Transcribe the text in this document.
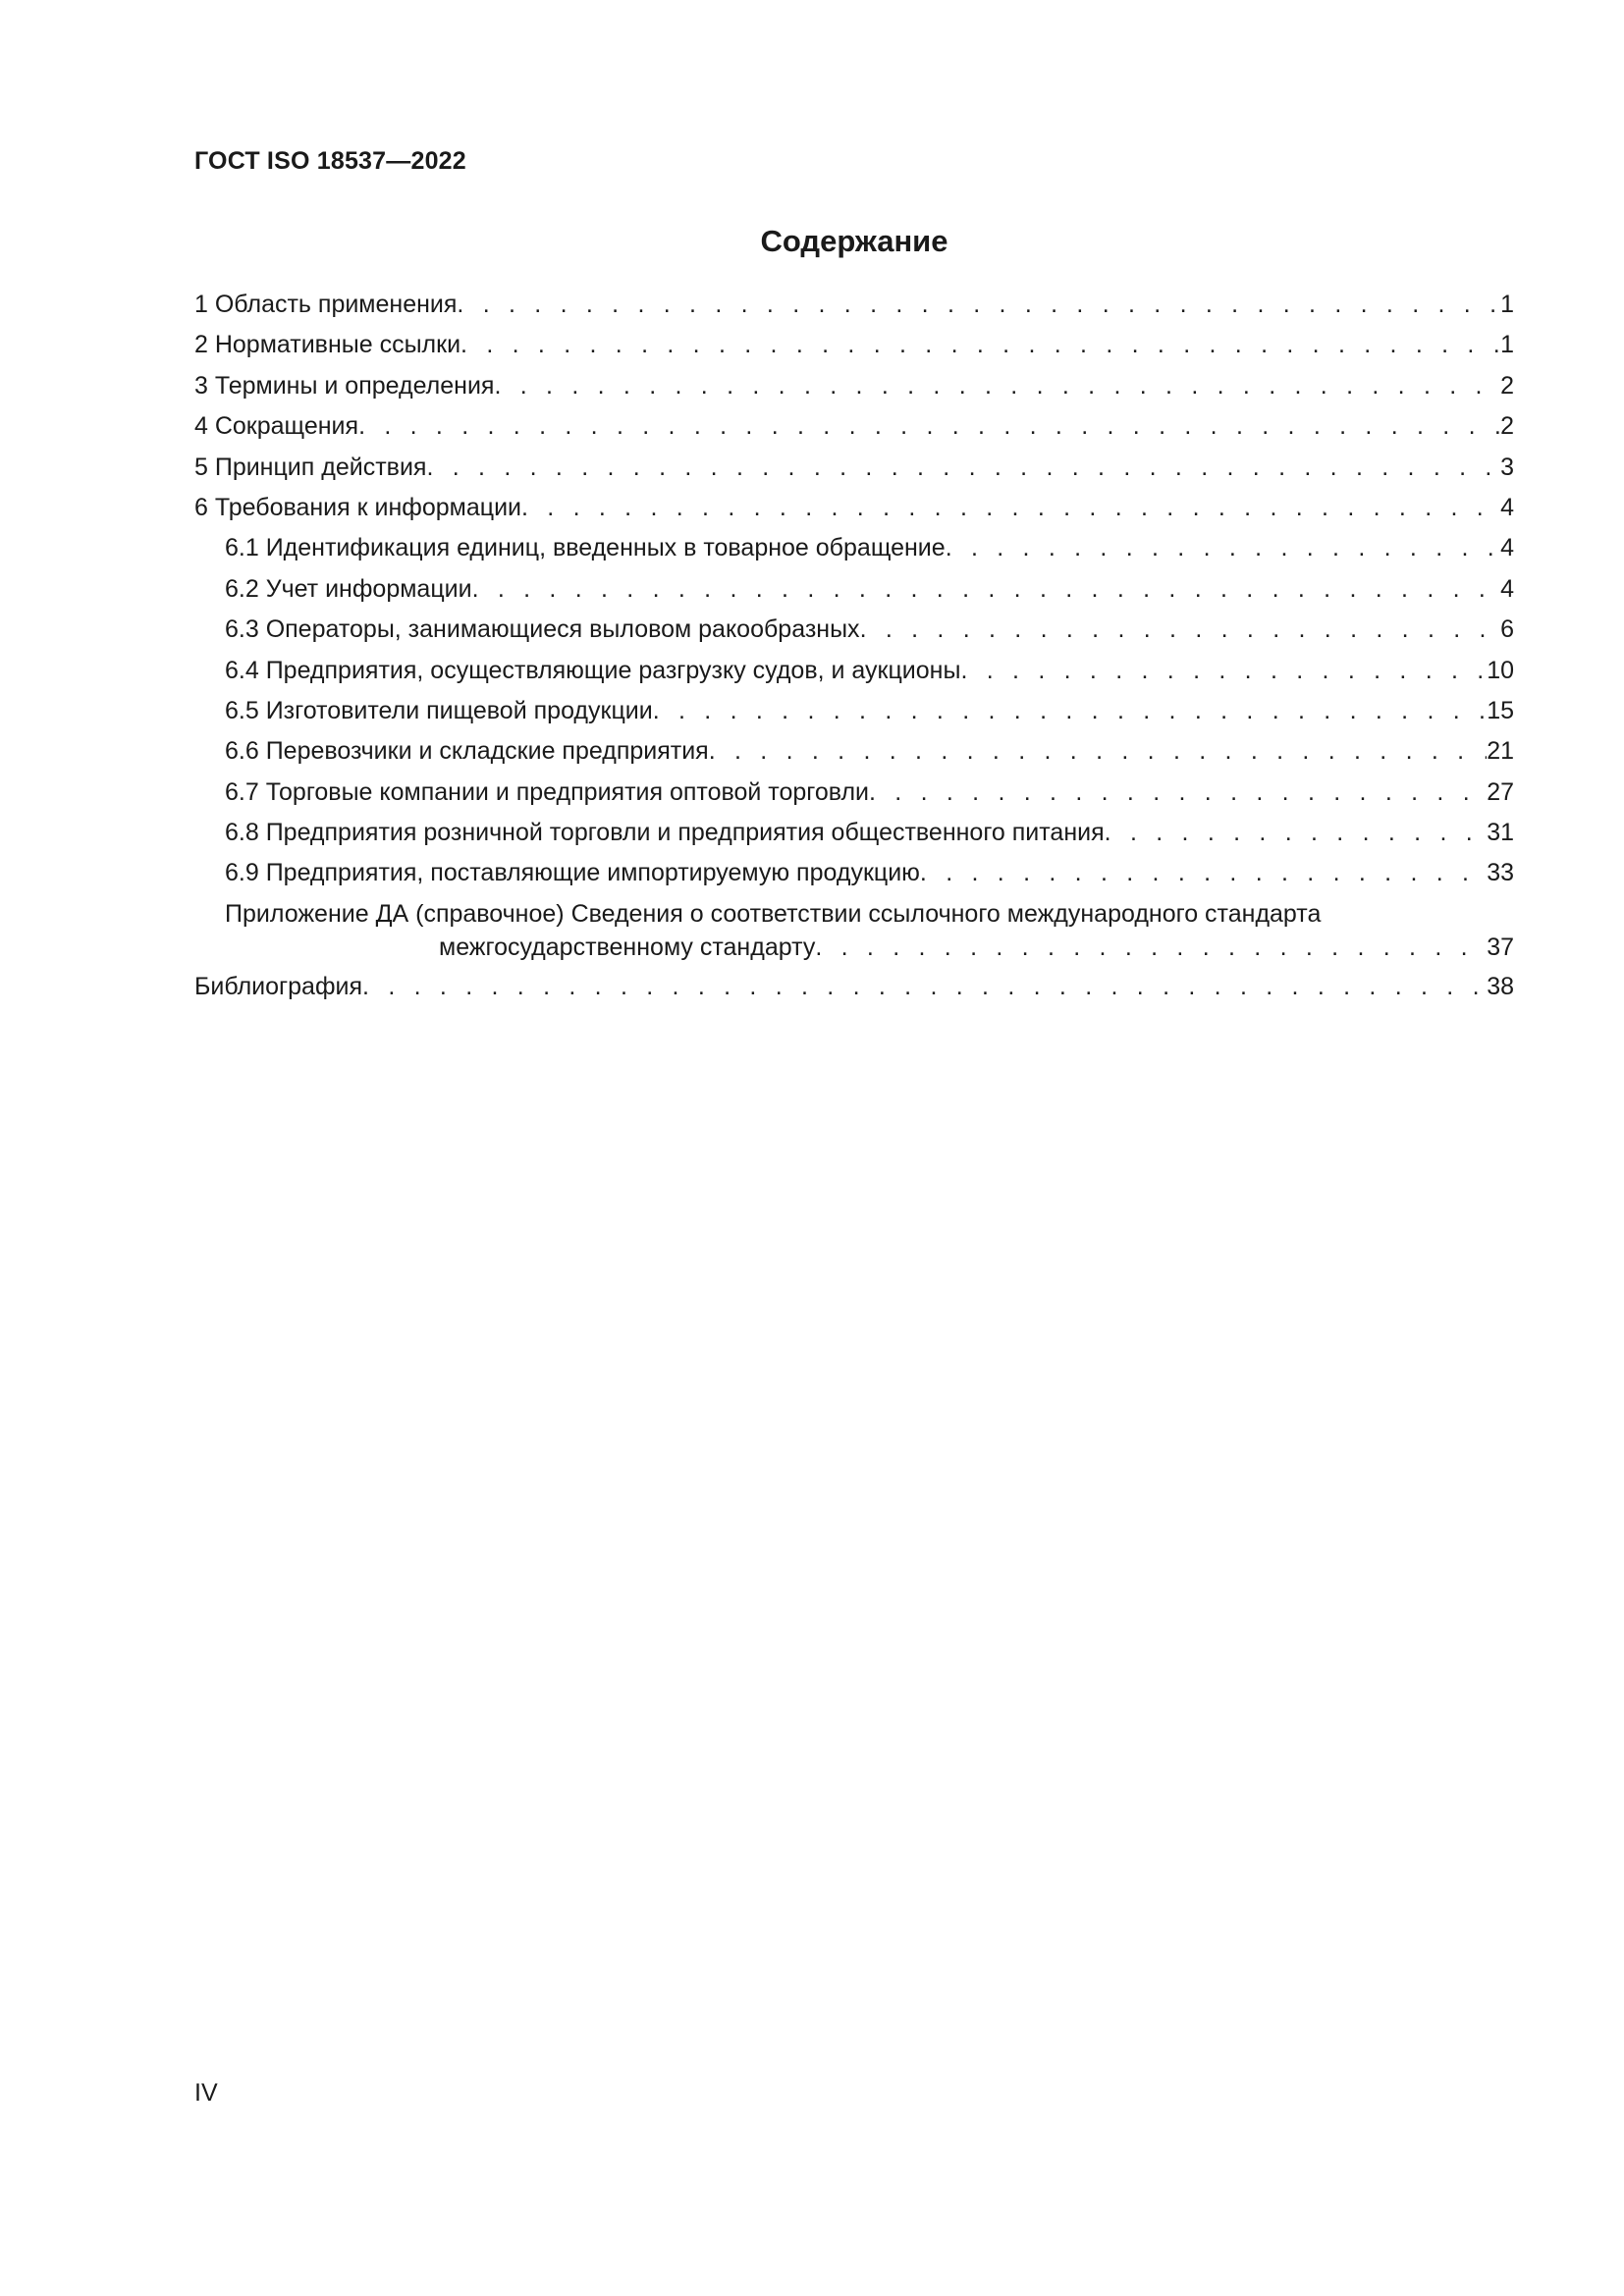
ГОСТ ISO 18537—2022
Содержание
1 Область применения . . .	1
2 Нормативные ссылки . . .	1
3 Термины и определения . . .	2
4 Сокращения . . .	2
5 Принцип действия . . .	3
6 Требования к информации . . .	4
6.1 Идентификация единиц, введенных в товарное обращение . . .	4
6.2 Учет информации . . .	4
6.3 Операторы, занимающиеся выловом ракообразных . . .	6
6.4 Предприятия, осуществляющие разгрузку судов, и аукционы . . .	10
6.5 Изготовители пищевой продукции . . .	15
6.6 Перевозчики и складские предприятия . . .	21
6.7 Торговые компании и предприятия оптовой торговли . . .	27
6.8 Предприятия розничной торговли и предприятия общественного питания . . .	31
6.9 Предприятия, поставляющие импортируемую продукцию . . .	33
Приложение ДА (справочное) Сведения о соответствии ссылочного международного стандарта
межгосударственному стандарту . . .	37
Библиография . . .	38
IV
